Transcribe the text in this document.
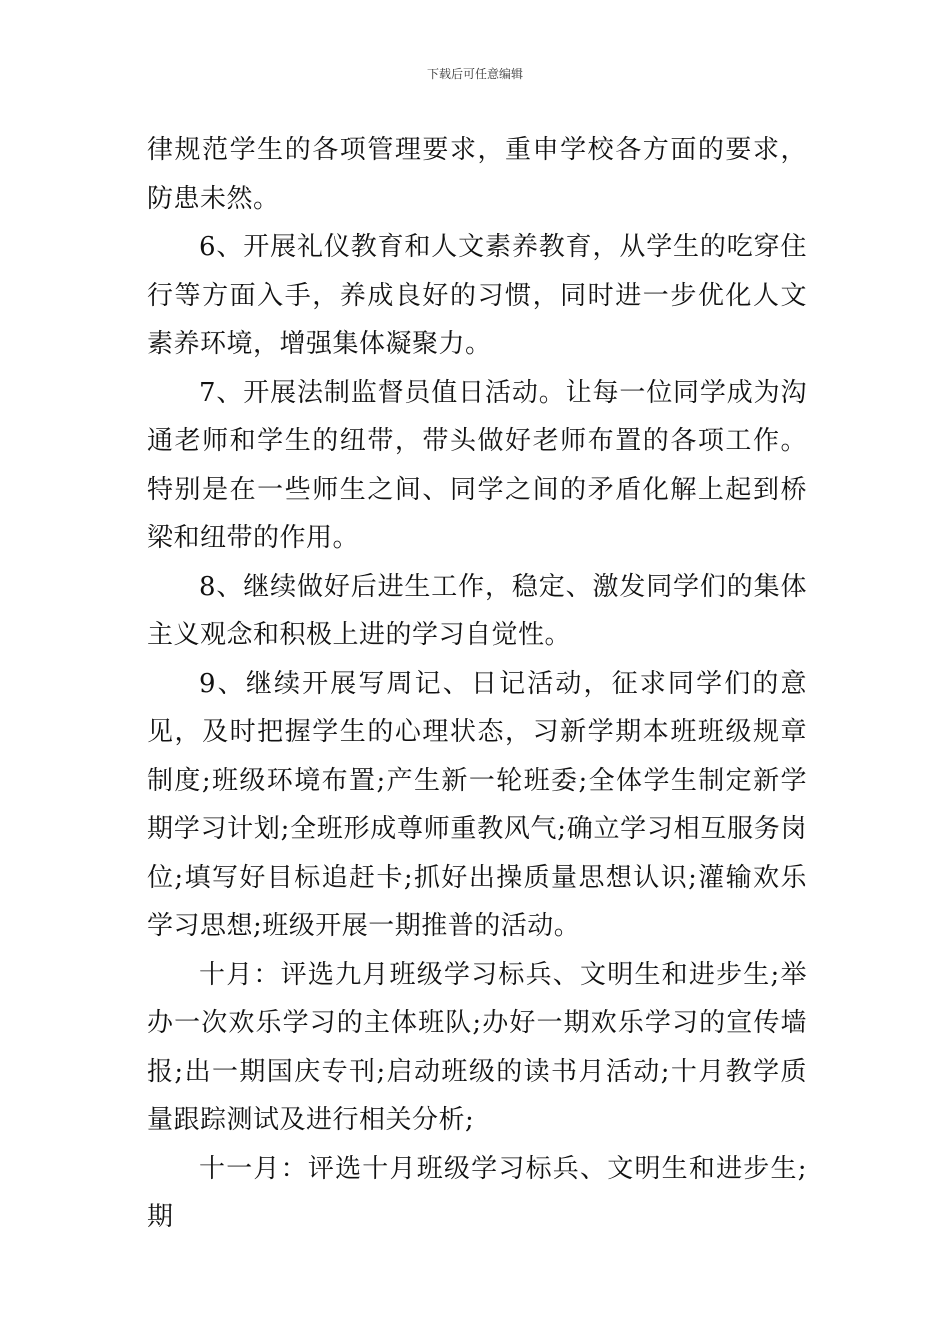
下载后可任意编辑

律规范学生的各项管理要求，重申学校各方面的要求，防患未然。

6、开展礼仪教育和人文素养教育，从学生的吃穿住行等方面入手，养成良好的习惯，同时进一步优化人文素养环境，增强集体凝聚力。

7、开展法制监督员值日活动。让每一位同学成为沟通老师和学生的纽带，带头做好老师布置的各项工作。特别是在一些师生之间、同学之间的矛盾化解上起到桥梁和纽带的作用。

8、继续做好后进生工作，稳定、激发同学们的集体主义观念和积极上进的学习自觉性。

9、继续开展写周记、日记活动，征求同学们的意见，及时把握学生的心理状态，习新学期本班班级规章制度;班级环境布置;产生新一轮班委;全体学生制定新学期学习计划;全班形成尊师重教风气;确立学习相互服务岗位;填写好目标追赶卡;抓好出操质量思想认识;灌输欢乐学习思想;班级开展一期推普的活动。

十月：评选九月班级学习标兵、文明生和进步生;举办一次欢乐学习的主体班队;办好一期欢乐学习的宣传墙报;出一期国庆专刊;启动班级的读书月活动;十月教学质量跟踪测试及进行相关分析;

十一月：评选十月班级学习标兵、文明生和进步生;期
